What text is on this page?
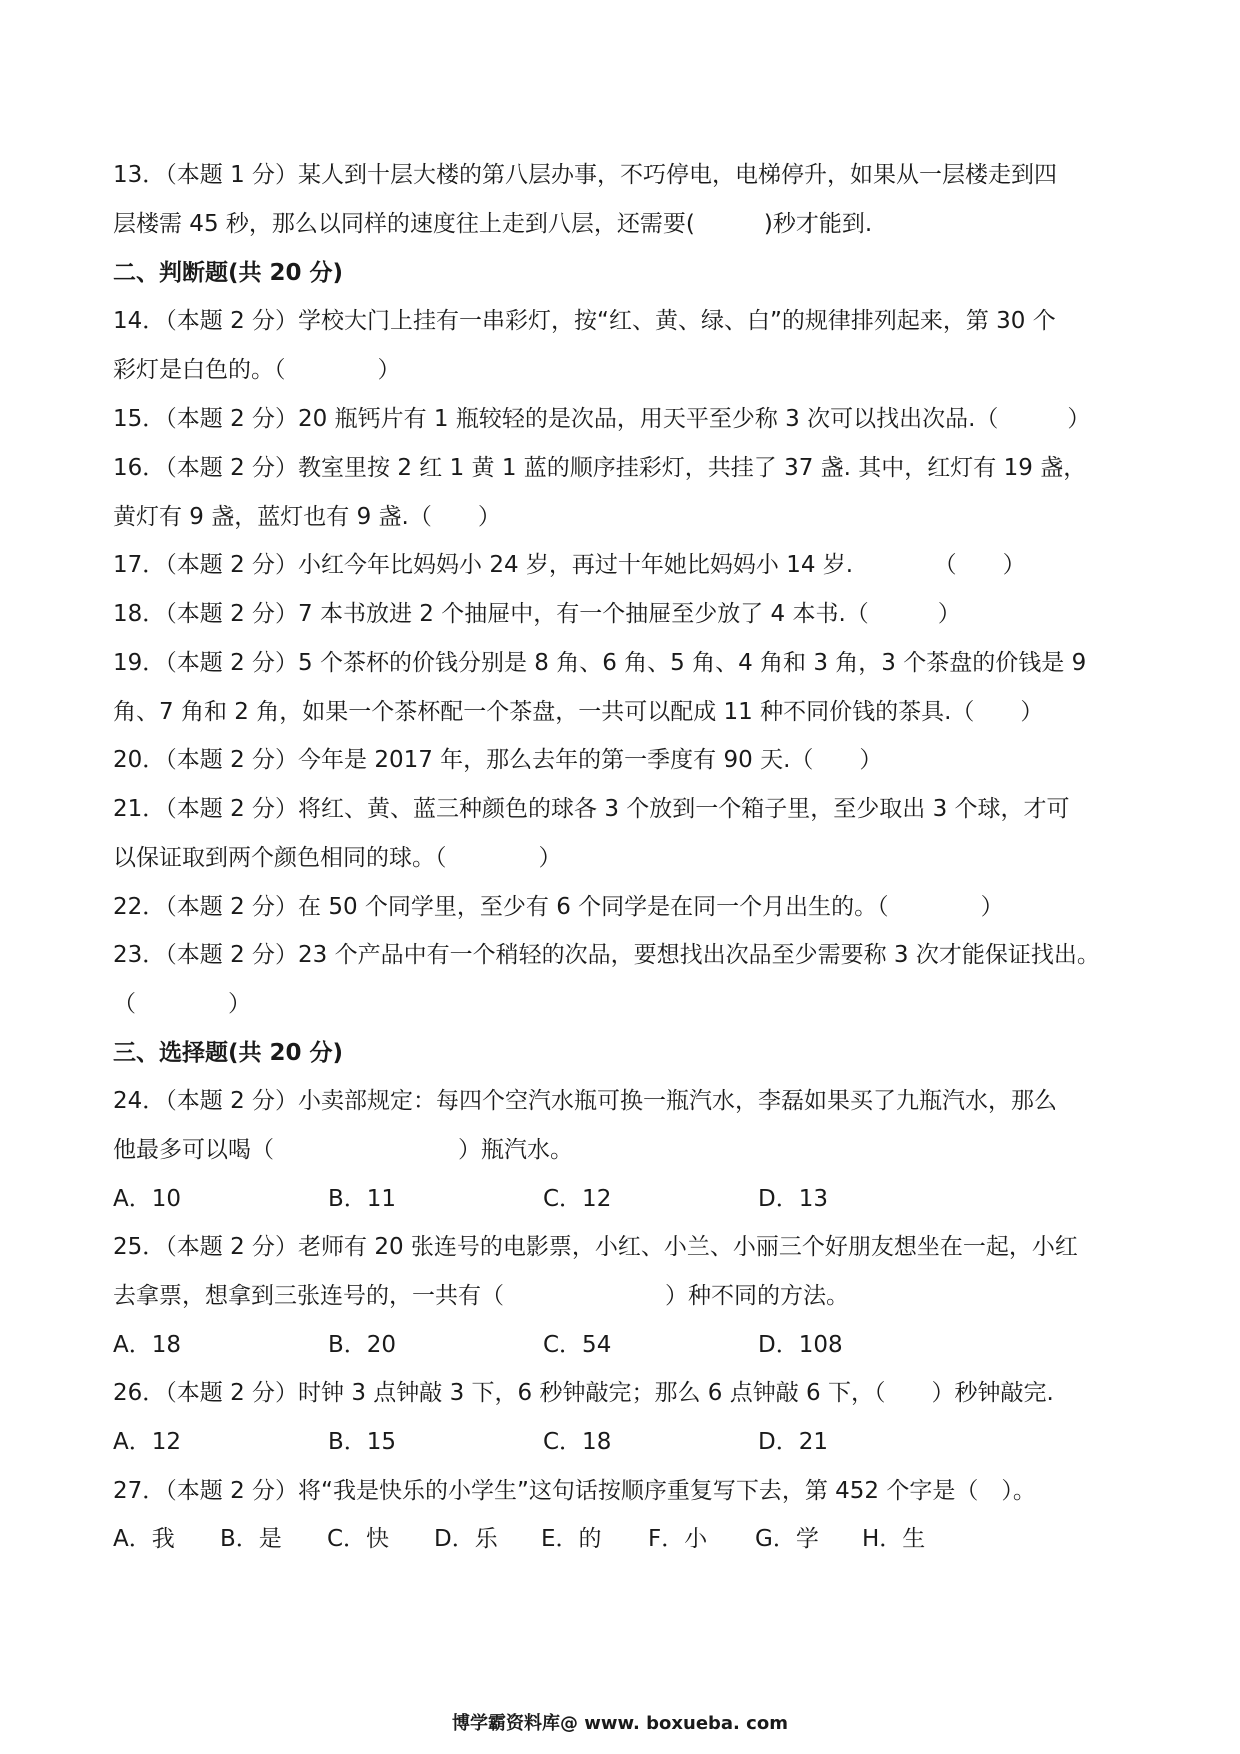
13．（本题 1 分）某人到十层大楼的第八层办事，不巧停电，电梯停升，如果从一层楼走到四
层楼需 45 秒，那么以同样的速度往上走到八层，还需要(　　　)秒才能到.
二、判断题(共 20 分)
14．（本题 2 分）学校大门上挂有一串彩灯，按“红、黄、绿、白”的规律排列起来，第 30 个
彩灯是白色的。（　　　　）
15．（本题 2 分）20 瓶钙片有 1 瓶较轻的是次品，用天平至少称 3 次可以找出次品.（　　　）
16．（本题 2 分）教室里按 2 红 1 黄 1 蓝的顺序挂彩灯，共挂了 37 盏. 其中，红灯有 19 盏，
黄灯有 9 盏，蓝灯也有 9 盏.（　　）
17．（本题 2 分）小红今年比妈妈小 24 岁，再过十年她比妈妈小 14 岁.　　　　（　　）
18．（本题 2 分）7 本书放进 2 个抽屉中，有一个抽屉至少放了 4 本书.（　　　）
19．（本题 2 分）5 个茶杯的价钱分别是 8 角、6 角、5 角、4 角和 3 角，3 个茶盘的价钱是 9
角、7 角和 2 角，如果一个茶杯配一个茶盘，一共可以配成 11 种不同价钱的茶具.（　　）
20．（本题 2 分）今年是 2017 年，那么去年的第一季度有 90 天.（　　）
21．（本题 2 分）将红、黄、蓝三种颜色的球各 3 个放到一个箱子里，至少取出 3 个球，才可
以保证取到两个颜色相同的球。（　　　　）
22．（本题 2 分）在 50 个同学里，至少有 6 个同学是在同一个月出生的。（　　　　）
23．（本题 2 分）23 个产品中有一个稍轻的次品，要想找出次品至少需要称 3 次才能保证找出。
（　　　　）
三、选择题(共 20 分)
24．（本题 2 分）小卖部规定：每四个空汽水瓶可换一瓶汽水，李磊如果买了九瓶汽水，那么
他最多可以喝（　　　　　　　　）瓶汽水。
A．10	B．11	C．12	D．13
25．（本题 2 分）老师有 20 张连号的电影票，小红、小兰、小丽三个好朋友想坐在一起，小红
去拿票，想拿到三张连号的，一共有（　　　　　　　）种不同的方法。
A．18	B．20	C．54	D．108
26．（本题 2 分）时钟 3 点钟敲 3 下，6 秒钟敲完；那么 6 点钟敲 6 下，（　　）秒钟敲完.
A．12	B．15	C．18	D．21
27．（本题 2 分）将“我是快乐的小学生”这句话按顺序重复写下去，第 452 个字是（　）。
A．我 B．是 C．快 D．乐 E．的 F．小 G．学 H．生
博学霸资料库@ www. boxueba. com
